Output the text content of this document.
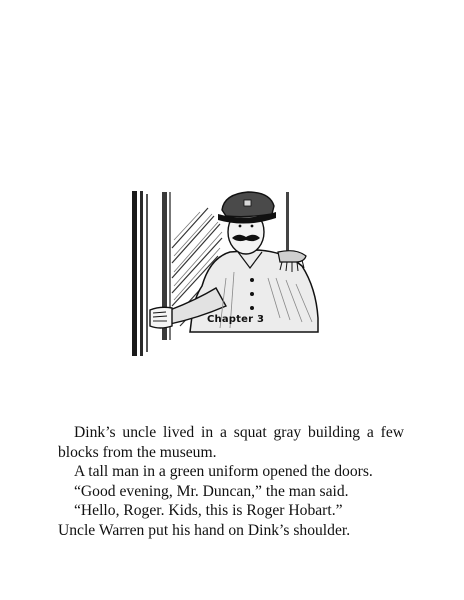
Chapter 3

Dink’s uncle lived in a squat gray building a few blocks from the museum.

A tall man in a green uniform opened the doors.

“Good evening, Mr. Duncan,” the man said.

“Hello, Roger. Kids, this is Roger Hobart.”

Uncle Warren put his hand on Dink’s shoulder.
